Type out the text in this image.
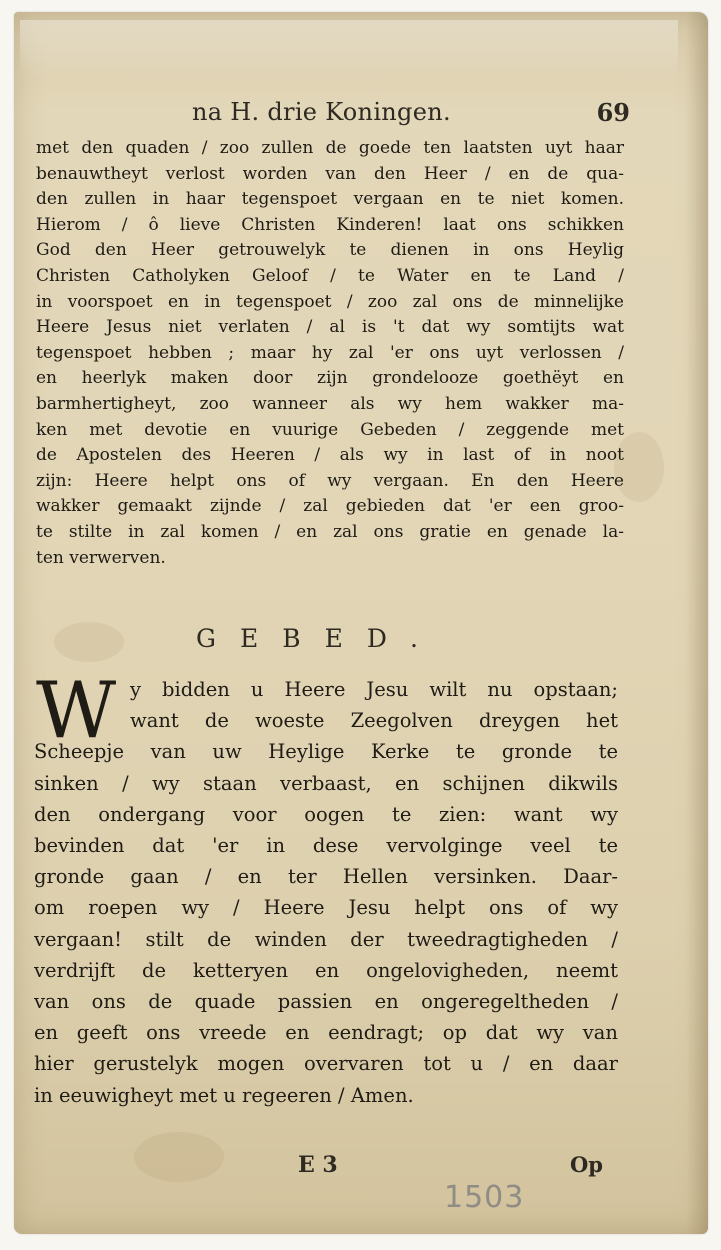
na H. drie Koningen.	69
met den quaden / zoo zullen de goede ten laatsten uyt haar
benauwtheyt verlost worden van den Heer / en de qua-
den zullen in haar tegenspoet vergaan en te niet komen.
Hierom / ô lieve Christen Kinderen! laat ons schikken
God den Heer getrouwelyk te dienen in ons Heylig
Christen Catholyken Geloof / te Water en te Land /
in voorspoet en in tegenspoet / zoo zal ons de minnelijke
Heere Jesus niet verlaten / al is 't dat wy somtijts wat
tegenspoet hebben ; maar hy zal 'er ons uyt verlossen /
en heerlyk maken door zijn grondelooze goethëyt en
barmhertigheyt, zoo wanneer als wy hem wakker ma-
ken met devotie en vuurige Gebeden / zeggende met
de Apostelen des Heeren / als wy in last of in noot
zijn: Heere helpt ons of wy vergaan. En den Heere
wakker gemaakt zijnde / zal gebieden dat 'er een groo-
te stilte in zal komen / en zal ons gratie en genade la-
ten verwerven.
GEBED.
W y bidden u Heere Jesu wilt nu opstaan;
want de woeste Zeegolven dreygen het
Scheepje van uw Heylige Kerke te gronde te
sinken / wy staan verbaast, en schijnen dikwils
den ondergang voor oogen te zien: want wy
bevinden dat 'er in dese vervolginge veel te
gronde gaan / en ter Hellen versinken. Daar-
om roepen wy / Heere Jesu helpt ons of wy
vergaan! stilt de winden der tweedragtigheden /
verdrijft de ketteryen en ongelovigheden, neemt
van ons de quade passien en ongeregeltheden /
en geeft ons vreede en eendragt; op dat wy van
hier gerustelyk mogen overvaren tot u / en daar
in eeuwigheyt met u regeeren / Amen.
E 3	Op
1503
